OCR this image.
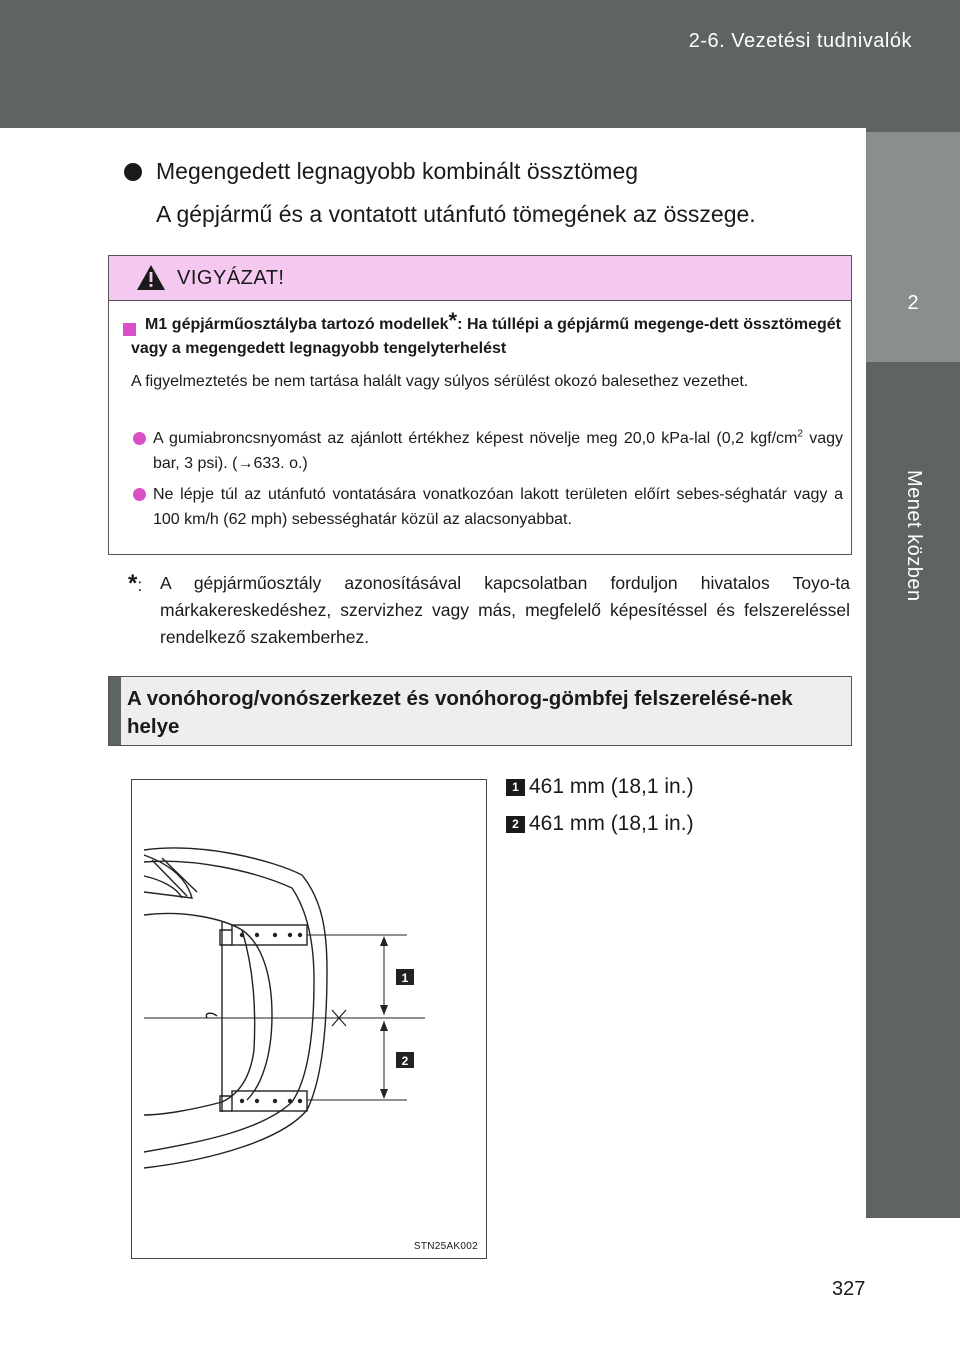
2-6. Vezetési tudnivalók
2
Menet közben
Megengedett legnagyobb kombinált össztömeg
A gépjármű és a vontatott utánfutó tömegének az összege.
VIGYÁZAT!
M1 gépjárműosztályba tartozó modellek*: Ha túllépi a gépjármű megenge-dett össztömegét vagy a megengedett legnagyobb tengelyterhelést
A figyelmeztetés be nem tartása halált vagy súlyos sérülést okozó balesethez vezethet.
A gumiabroncsnyomást az ajánlott értékhez képest növelje meg 20,0 kPa-lal (0,2 kgf/$cm^2$ vagy bar, 3 psi). (→633. o.)
Ne lépje túl az utánfutó vontatására vonatkozóan lakott területen előírt sebes-séghatár vagy a 100 km/h (62 mph) sebességhatár közül az alacsonyabbat.
*: A gépjárműosztály azonosításával kapcsolatban forduljon hivatalos Toyo-ta márkakereskedéshez, szervizhez vagy más, megfelelő képesítéssel és felszereléssel rendelkező szakemberhez.
A vonóhorog/vonószerkezet és vonóhorog-gömbfej felszerelésé-nek helye
1
2
STN25AK002
1 461 mm (18,1 in.)
2 461 mm (18,1 in.)
327
